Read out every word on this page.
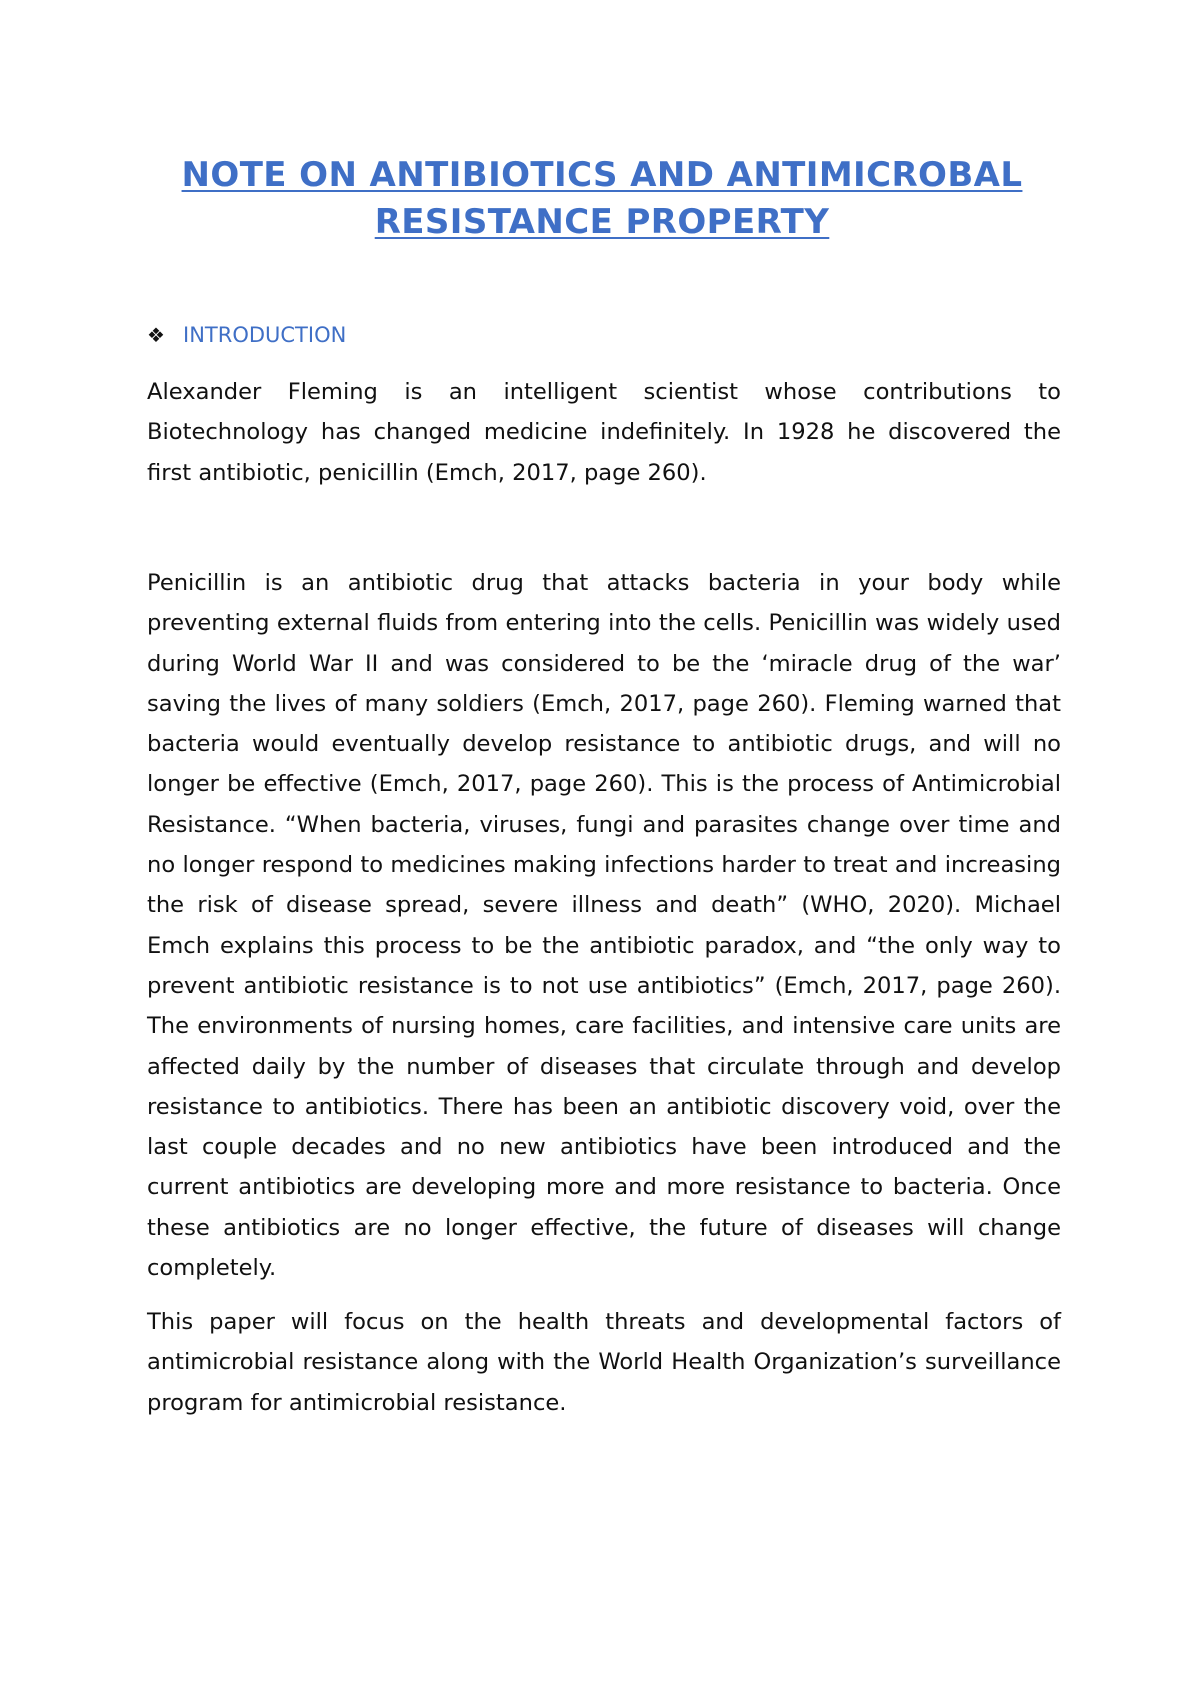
NOTE ON ANTIBIOTICS AND ANTIMICROBAL RESISTANCE PROPERTY
❖ INTRODUCTION

Alexander Fleming is an intelligent scientist whose contributions to Biotechnology has changed medicine indefinitely. In 1928 he discovered the first antibiotic, penicillin (Emch, 2017, page 260).

Penicillin is an antibiotic drug that attacks bacteria in your body while preventing external fluids from entering into the cells. Penicillin was widely used during World War II and was considered to be the ‘miracle drug of the war’ saving the lives of many soldiers (Emch, 2017, page 260). Fleming warned that bacteria would eventually develop resistance to antibiotic drugs, and will no longer be effective (Emch, 2017, page 260). This is the process of Antimicrobial Resistance. “When bacteria, viruses, fungi and parasites change over time and no longer respond to medicines making infections harder to treat and increasing the risk of disease spread, severe illness and death” (WHO, 2020). Michael Emch explains this process to be the antibiotic paradox, and “the only way to prevent antibiotic resistance is to not use antibiotics” (Emch, 2017, page 260). The environments of nursing homes, care facilities, and intensive care units are affected daily by the number of diseases that circulate through and develop resistance to antibiotics. There has been an antibiotic discovery void, over the last couple decades and no new antibiotics have been introduced and the current antibiotics are developing more and more resistance to bacteria. Once these antibiotics are no longer effective, the future of diseases will change completely.

This paper will focus on the health threats and developmental factors of antimicrobial resistance along with the World Health Organization’s surveillance program for antimicrobial resistance.
